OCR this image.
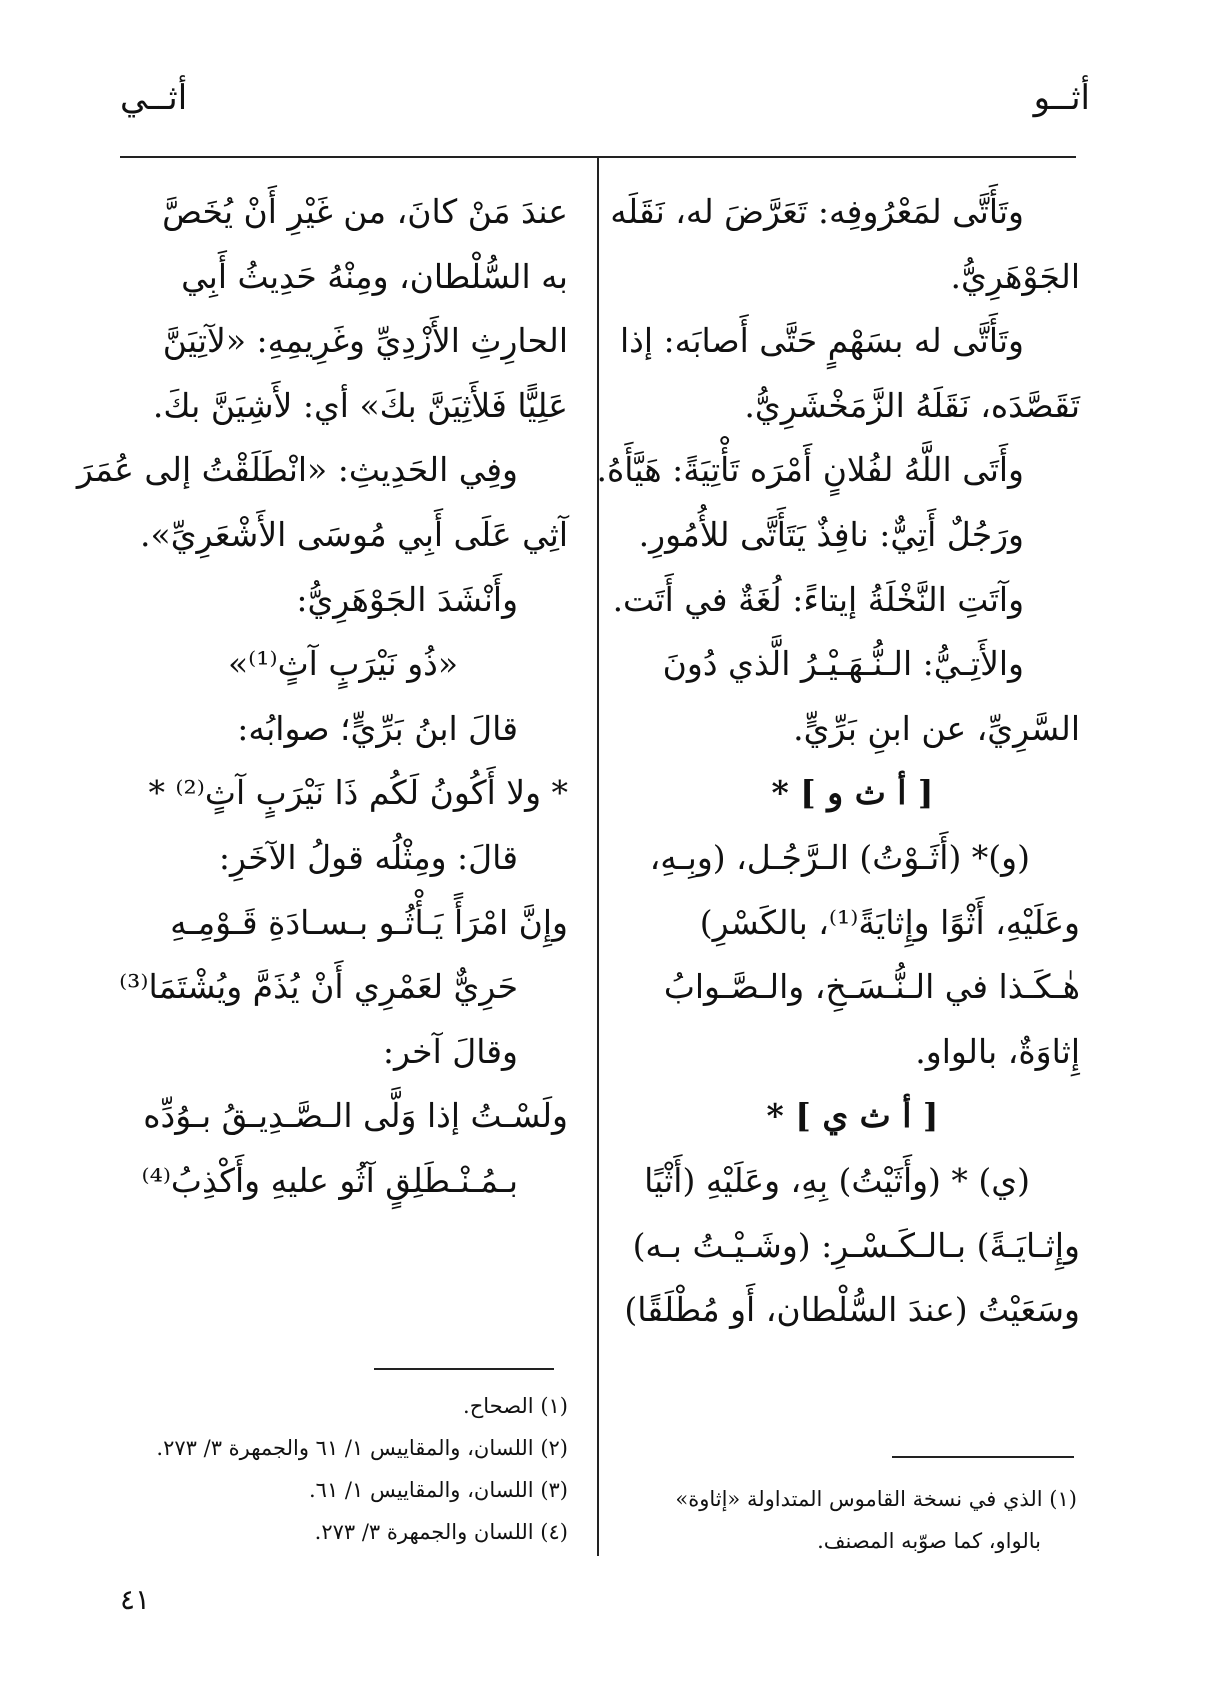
أثــو
أثــي

وتَأَتَّى لمَعْرُوفِه: تَعَرَّضَ له، نَقَلَه

الجَوْهَرِيُّ.

وتَأَتَّى له بسَهْمٍ حَتَّى أَصابَه: إذا

تَقَصَّدَه، نَقَلَهُ الزَّمَخْشَرِيُّ.

وأَتَى اللَّهُ لفُلانٍ أَمْرَه تَأْتِيَةً: هَيَّأَهُ.

ورَجُلٌ أَتِيٌّ: نافِذٌ يَتَأَتَّى للأُمُورِ.

وآتَتِ النَّخْلَةُ إيتاءً: لُغَةٌ في أَتَت.

والأَتِـيُّ: الـنُّـهَـيْـرُ الَّذي دُونَ

السَّرِيِّ، عن ابنِ بَرِّيٍّ.

[ أ ث و ] *

(و)* (أَثَـوْتُ) الـرَّجُـل، (وبِـهِ،

وعَلَيْهِ، أَثْوًا وإِثايَةً⁽¹⁾، بالكَسْرِ)

هٰـكَـذا في الـنُّـسَـخِ، والـصَّـوابُ

إِثاوَةٌ، بالواو.

[ أ ث ي ] *

(ي) * (وأَثَيْتُ) بِهِ، وعَلَيْهِ (أَثْيًا

وإِثـايَـةً) بـالـكَـسْـرِ: (وشَـيْـتُ بـه)

وسَعَيْتُ (عندَ السُّلْطان، أَو مُطْلَقًا)

(١) الذي في نسخة القاموس المتداولة «إثاوة»
بالواو، كما صوّبه المصنف.

عندَ مَنْ كانَ، من غَيْرِ أَنْ يُخَصَّ

به السُّلْطان، ومِنْهُ حَدِيثُ أَبِي

الحارِثِ الأَزْدِيِّ وغَرِيمِهِ: «لآتِيَنَّ

عَلِيًّا فَلأَثِيَنَّ بكَ» أي: لأَشِيَنَّ بكَ.

وفِي الحَدِيثِ: «انْطَلَقْتُ إلى عُمَرَ

آثِي عَلَى أَبِي مُوسَى الأَشْعَرِيِّ».

وأَنْشَدَ الجَوْهَرِيُّ:

«ذُو نَيْرَبٍ آثٍ⁽¹⁾»

قالَ ابنُ بَرِّيٍّ؛ صوابُه:

* ولا أَكُونُ لَكُم ذَا نَيْرَبٍ آثٍ⁽²⁾ *

قالَ: ومِثْلُه قولُ الآخَرِ:

وإِنَّ امْرَأً يَـأْثُـو بـسـادَةِ قَـوْمِـهِ

حَرِيٌّ لعَمْرِي أَنْ يُذَمَّ ويُشْتَمَا⁽³⁾

وقالَ آخر:

ولَسْـتُ إذا وَلَّى الـصَّـدِيـقُ بـوُدِّه

بـمُـنْـطَلِقٍ آثُو عليهِ وأَكْذِبُ⁽⁴⁾

(١) الصحاح.
(٢) اللسان، والمقاييس ١/ ٦١ والجمهرة ٣/ ٢٧٣.
(٣) اللسان، والمقاييس ١/ ٦١.
(٤) اللسان والجمهرة ٣/ ٢٧٣.
٤١
